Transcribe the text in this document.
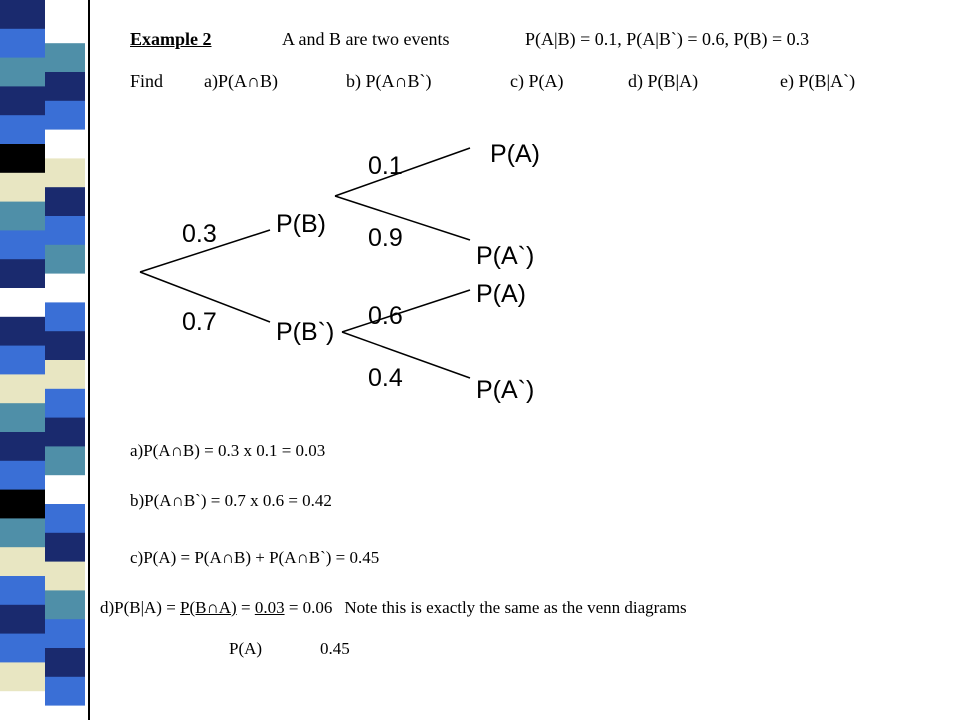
Example 2	A and B are two events	P(A|B) = 0.1, P(A|B`) = 0.6, P(B) = 0.3
Find a)P(A∩B)	b) P(A∩B`)	c) P(A)	d) P(B|A)	e) P(B|A`)
0.3
0.7
P(B)
P(B`)
0.1
0.9
0.6
0.4
P(A)
P(A`)
P(A)
P(A`)
a)P(A∩B) = 0.3 x 0.1 = 0.03
b)P(A∩B`) = 0.7 x 0.6 = 0.42
c)P(A) = P(A∩B) + P(A∩B`) = 0.45
d)P(B|A) = P(B∩A) = 0.03 = 0.06 Note this is exactly the same as the venn diagrams
P(A)	0.45
